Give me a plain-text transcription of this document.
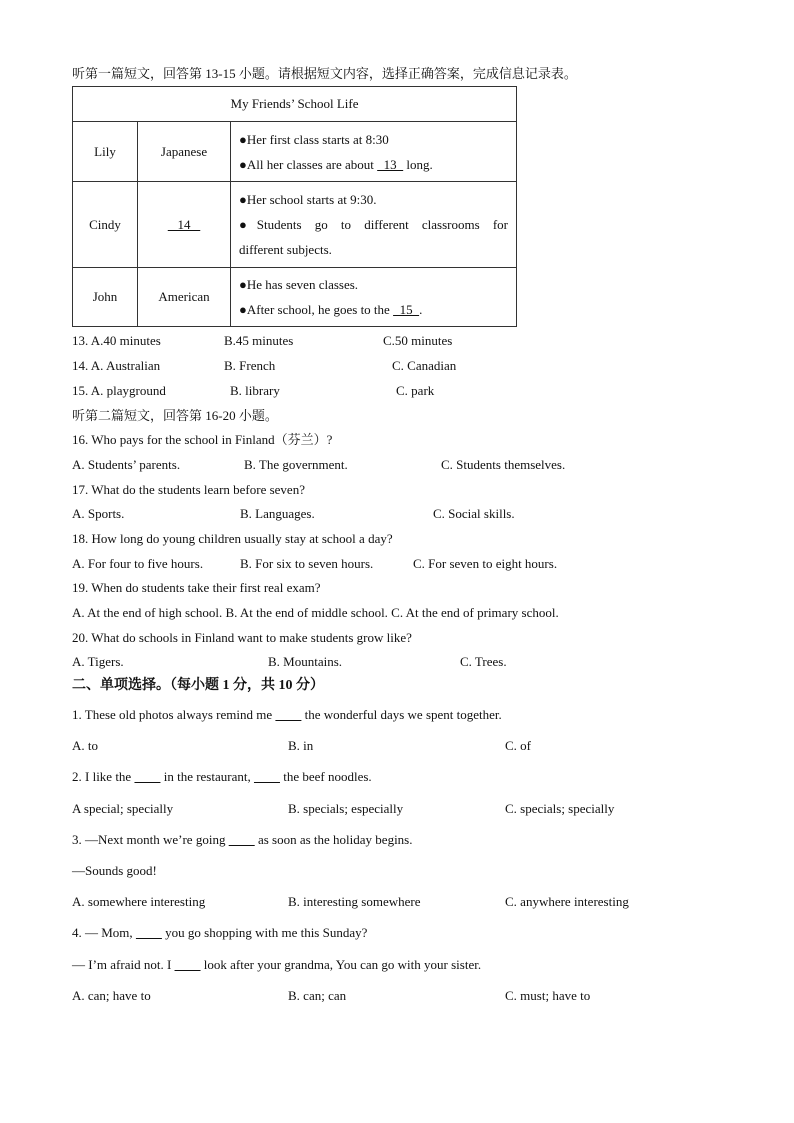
听第一篇短文，回答第 13-15 小题。请根据短文内容，选择正确答案，完成信息记录表。
My Friends’ School Life		
Lily	Japanese	●Her first class starts at 8:30
●All her classes are about   13   long.

Cindy	14	●Her school starts at 9:30.
●Students go to different classrooms for
different subjects.

John	American	●He has seven classes.
●After school, he goes to the   15  .
13. A.40 minutes	B.45 minutes	C.50 minutes
14. A. Australian	B. French	C. Canadian
15. A. playground	B. library	C. park
听第二篇短文，回答第 16-20 小题。
16. Who pays for the school in Finland（芬兰）?
A. Students’ parents.	B. The government.	C. Students themselves.
17. What do the students learn before seven?
A. Sports.	B. Languages.	C. Social skills.
18. How long do young children usually stay at school a day?
A. For four to five hours.	B. For six to seven hours.	C. For seven to eight hours.
19. When do students take their first real exam?
A. At the end of high school. B. At the end of middle school. C. At the end of primary school.
20. What do schools in Finland want to make students grow like?
A. Tigers.	B. Mountains.	C. Trees.
二、单项选择。（每小题 1 分，共 10 分）
1. These old photos always remind me          the wonderful days we spent together.
A. to	B. in	C. of
2. I like the          in the restaurant,          the beef noodles.
A special; specially	B. specials; especially	C. specials; specially
3. —Next month we’re going          as soon as the holiday begins.
—Sounds good!
A. somewhere interesting	B. interesting somewhere	C. anywhere interesting
4. — Mom,          you go shopping with me this Sunday?
— I’m afraid not. I          look after your grandma, You can go with your sister.
A. can; have to	B. can; can	C. must; have to
